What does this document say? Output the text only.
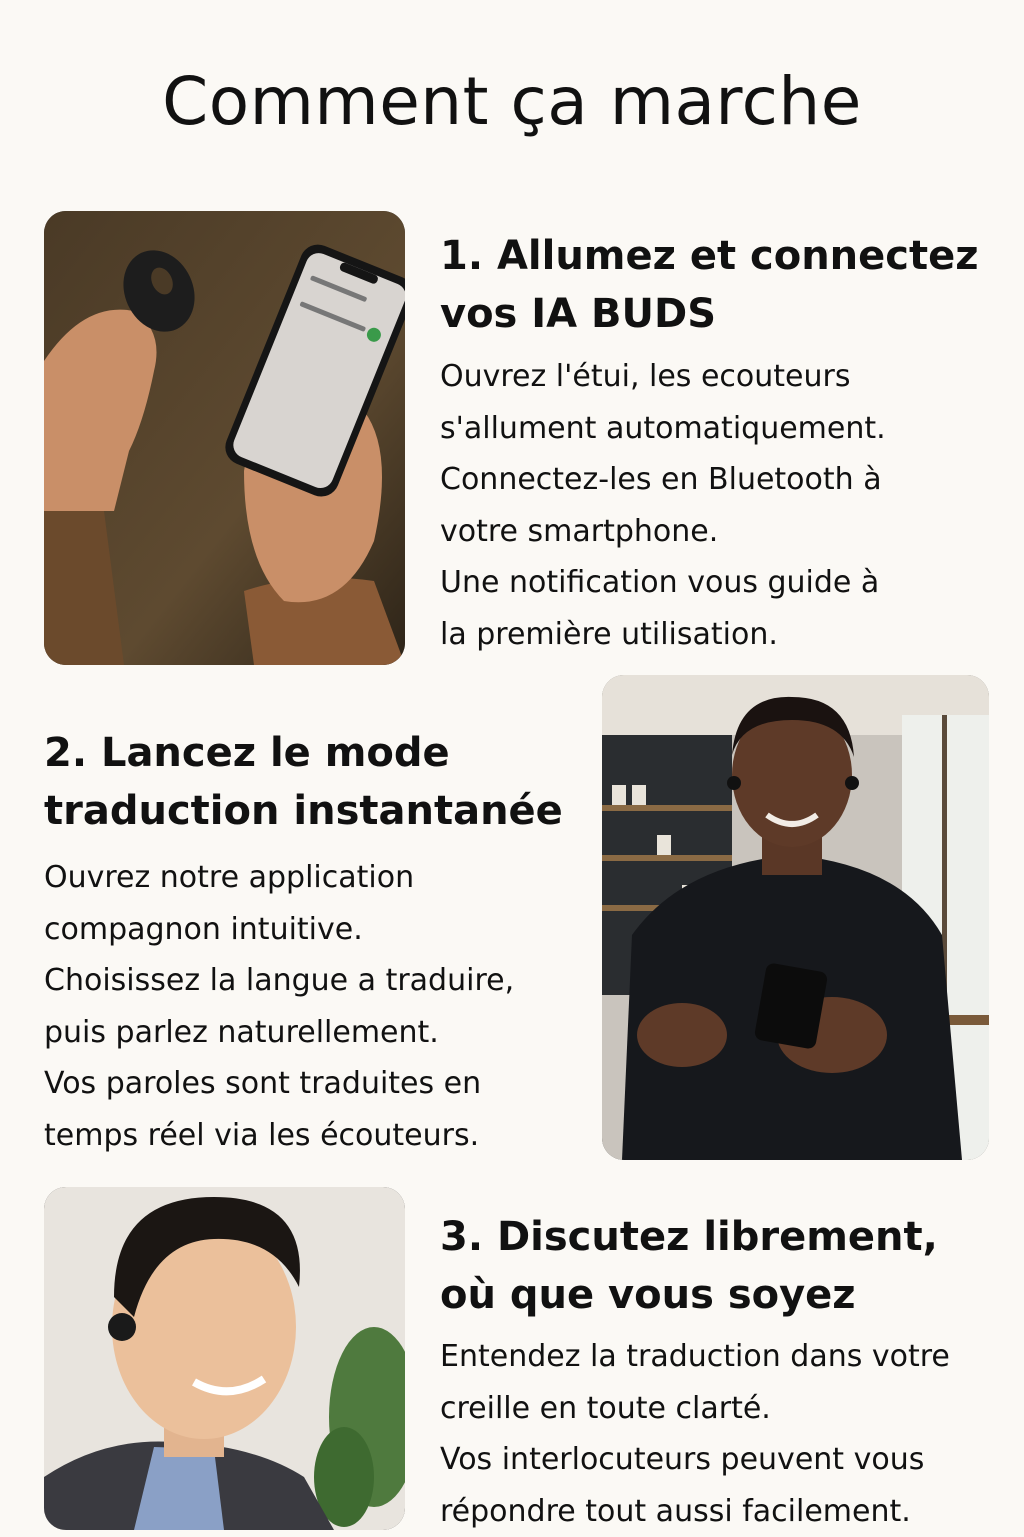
Comment ça marche
1. Allumez et connectez
vos IA BUDS

Ouvrez l'étui, les ecouteurs
s'allument automatiquement.
Connectez-les en Bluetooth à
votre smartphone.

Une notification vous guide à
la première utilisation.

2. Lancez le mode
traduction instantanée

Ouvrez notre application
compagnon intuitive.
Choisissez la langue a traduire,
puis parlez naturellement.

Vos paroles sont traduites en
temps réel via les écouteurs.

3. Discutez librement,
où que vous soyez

Entendez la traduction dans votre
creille en toute clarté.

Vos interlocuteurs peuvent vous
répondre tout aussi facilement.
